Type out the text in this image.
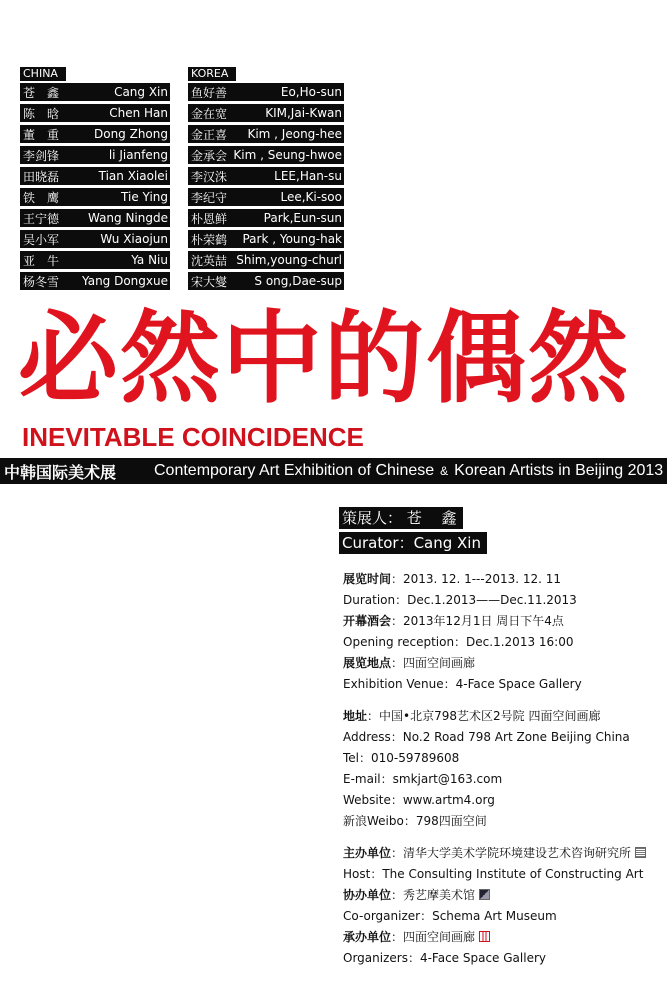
CHINA
苍　鑫	Cang Xin
陈　晗	Chen Han
董　重	Dong Zhong
李剑锋	li Jianfeng
田晓磊	Tian Xiaolei
铁　鹰	Tie Ying
王宁德 Wang Ningde
吴小军	Wu Xiaojun
亚　牛	Ya Niu
杨冬雪 Yang Dongxue
KOREA
鱼好善	Eo,Ho-sun
金在宽	KIM,Jai-Kwan
金正喜 Kim , Jeong-hee
金承会 Kim , Seung-hwoe
李汉洙	LEE,Han-su
李纪守	Lee,Ki-soo
朴恩鲜	Park,Eun-sun
朴荣鹤 Park , Young-hak
沈英喆 Shim,young-churl
宋大燮 S ong,Dae-sup
必然中的偶然
INEVITABLE COINCIDENCE
中韩国际美术展	Contemporary Art Exhibition of Chinese & Korean Artists in Beijing 2013
策展人： 苍　 鑫
Curator：Cang Xin
展览时间：2013. 12. 1---2013. 12. 11
Duration：Dec.1.2013——Dec.11.2013
开幕酒会：2013年12月1日 周日下午4点
Opening reception：Dec.1.2013 16:00
展览地点：四面空间画廊
Exhibition Venue：4-Face Space Gallery
地址：中国•北京798艺术区2号院 四面空间画廊
Address：No.2 Road 798 Art Zone Beijing China
Tel：010-59789608
E-mail：smkjart@163.com
Website：www.artm4.org
新浪Weibo：798四面空间
主办单位：清华大学美术学院环境建设艺术咨询研究所
Host：The Consulting Institute of Constructing Art
协办单位：秀艺摩美术馆
Co-organizer：Schema Art Museum
承办单位：四面空间画廊
Organizers：4-Face Space Gallery
